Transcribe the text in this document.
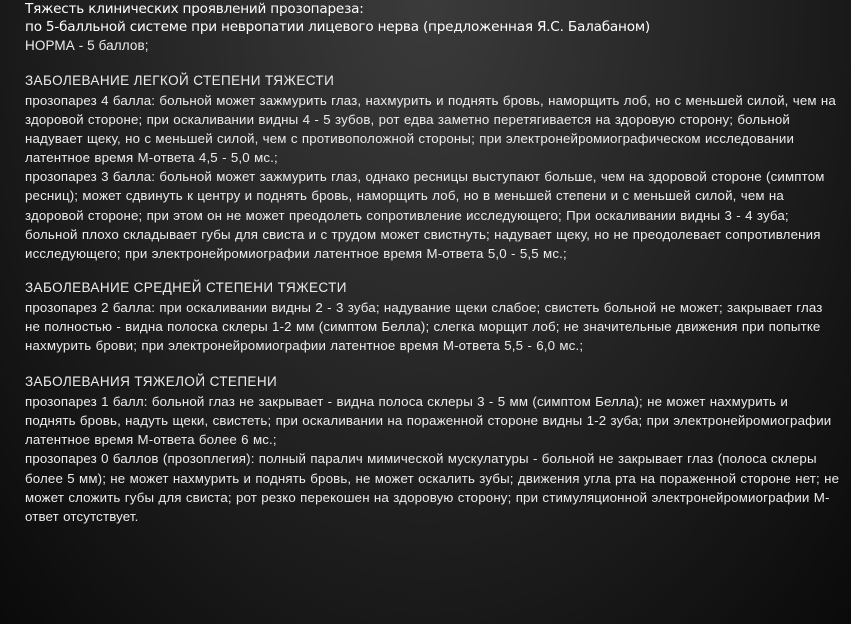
Тяжесть клинических проявлений прозопареза:
по 5-балльной системе при невропатии лицевого нерва (предложенная Я.С. Балабаном)

НОРМА - 5 баллов;

ЗАБОЛЕВАНИЕ ЛЕГКОЙ СТЕПЕНИ ТЯЖЕСТИ

прозопарез 4 балла: больной может зажмурить глаз, нахмурить и поднять бровь, наморщить лоб, но с меньшей силой, чем на здоровой стороне; при оскаливании видны 4 - 5 зубов, рот едва заметно перетягивается на здоровую сторону; больной надувает щеку, но с меньшей силой, чем с противоположной стороны; при электронейромиографическом исследовании латентное время М-ответа 4,5 - 5,0 мс.;

прозопарез 3 балла: больной может зажмурить глаз, однако ресницы выступают больше, чем на здоровой стороне (симптом ресниц); может сдвинуть к центру и поднять бровь, наморщить лоб, но в меньшей степени и с меньшей силой, чем на здоровой стороне; при этом он не может преодолеть сопротивление исследующего; При оскаливании видны 3 - 4 зуба; больной плохо складывает губы для свиста и с трудом может свистнуть; надувает щеку, но не преодолевает сопротивления исследующего; при электронейромиографии латентное время М-ответа 5,0 - 5,5 мс.;

ЗАБОЛЕВАНИЕ СРЕДНЕЙ СТЕПЕНИ ТЯЖЕСТИ

прозопарез 2 балла: при оскаливании видны 2 - 3 зуба; надувание щеки слабое; свистеть больной не может; закрывает глаз не полностью - видна полоска склеры 1-2 мм (симптом Белла); слегка морщит лоб; не значительные движения при попытке нахмурить брови; при электронейромиографии латентное время М-ответа 5,5 - 6,0 мс.;

ЗАБОЛЕВАНИЯ ТЯЖЕЛОЙ СТЕПЕНИ

прозопарез 1 балл: больной глаз не закрывает - видна полоса склеры 3 - 5 мм (симптом Белла); не может нахмурить и поднять бровь, надуть щеки, свистеть; при оскаливании на пораженной стороне видны 1-2 зуба; при электронейромиографии латентное время М-ответа более 6 мс.;

прозопарез 0 баллов (прозоплегия): полный паралич мимической мускулатуры - больной не закрывает глаз (полоса склеры более 5 мм); не может нахмурить и поднять бровь, не может оскалить зубы; движения угла рта на пораженной стороне нет; не может сложить губы для свиста; рот резко перекошен на здоровую сторону; при стимуляционной электронейромиографии М-ответ отсутствует.
